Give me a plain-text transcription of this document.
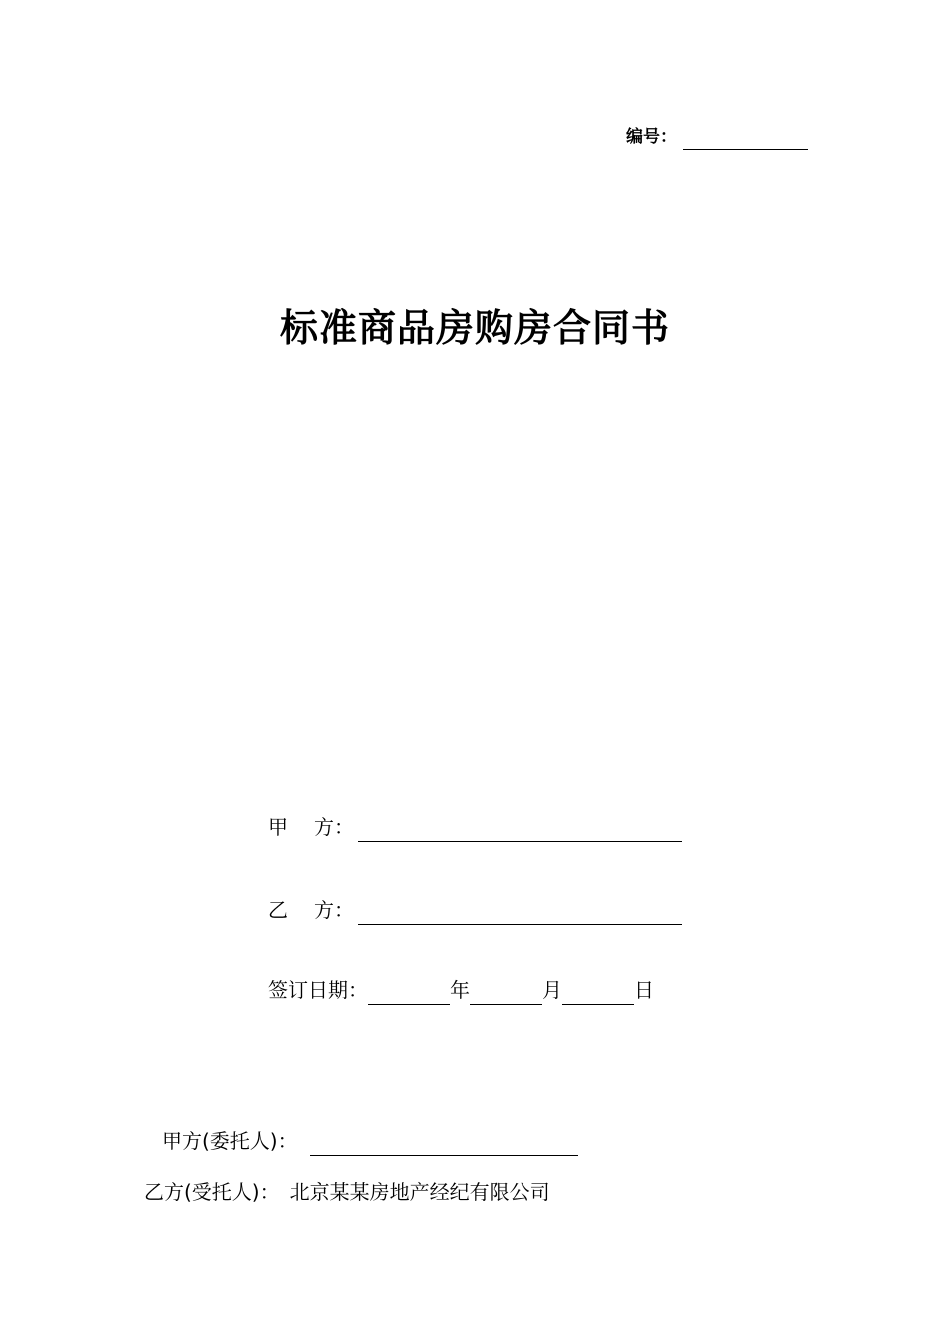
编号：
标准商品房购房合同书
甲 方：
乙 方：
签订日期：	年	月	日
甲方(委托人)：
乙方(受托人)： 北京某某房地产经纪有限公司
